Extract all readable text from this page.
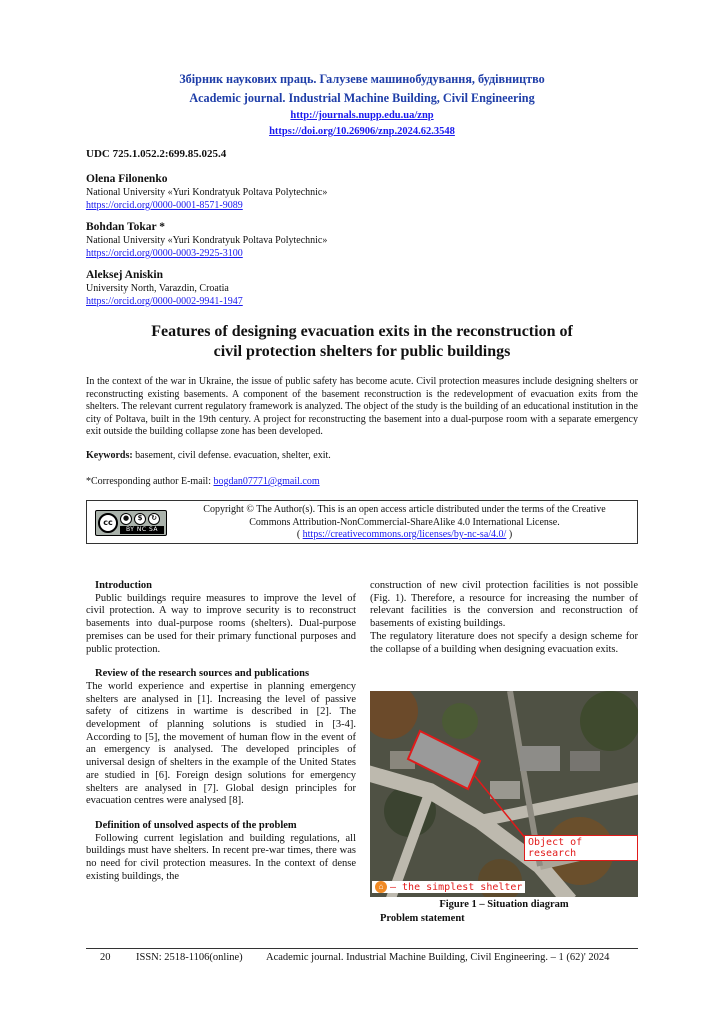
Збірник наукових праць. Галузеве машинобудування, будівництво
Academic journal. Industrial Machine Building, Civil Engineering
http://journals.nupp.edu.ua/znp
https://doi.org/10.26906/znp.2024.62.3548
UDC 725.1.052.2:699.85.025.4
Olena Filonenko
National University «Yuri Kondratyuk Poltava Polytechnic»
https://orcid.org/0000-0001-8571-9089
Bohdan Tokar *
National University «Yuri Kondratyuk Poltava Polytechnic»
https://orcid.org/0000-0003-2925-3100
Aleksej Aniskin
University North, Varazdin, Croatia
https://orcid.org/0000-0002-9941-1947
Features of designing evacuation exits in the reconstruction of
civil protection shelters for public buildings
In the context of the war in Ukraine, the issue of public safety has become acute. Civil protection measures include designing shelters or reconstructing existing basements. A component of the basement reconstruction is the redevelopment of evacuation exits from the shelters. The relevant current regulatory framework is analyzed. The object of the study is the building of an educational institution in the city of Poltava, built in the 19th century. A project for reconstructing the basement into a dual-purpose room with a separate emergency exit outside the building collapse zone has been developed.
Keywords: basement, civil defense. evacuation, shelter, exit.
*Corresponding author E-mail: bogdan07771@gmail.com
cc	●	$	↻
BY NC SA
Copyright © The Author(s). This is an open access article distributed under the terms of the Creative
Commons Attribution-NonCommercial-ShareAlike 4.0 International License.
( https://creativecommons.org/licenses/by-nc-sa/4.0/ )
Introduction
Public buildings require measures to improve the level of civil protection. A way to improve security is to reconstruct basements into dual-purpose rooms (shelters). Dual-purpose premises can be used for their primary functional purposes and public protection.
Review of the research sources and publications
The world experience and expertise in planning emergency shelters are analysed in [1]. Increasing the level of passive safety of citizens in wartime is described in [2]. The development of planning solutions is studied in [3-4]. According to [5], the movement of human flow in the event of an emergency is analysed. The developed principles of universal design of shelters in the example of the United States are studied in [6]. Foreign design solutions for emergency shelters are analysed in [7]. Global design principles for evacuation centres were analysed [8].
Definition of unsolved aspects of the problem
Following current legislation and building regulations, all buildings must have shelters. In recent pre-war times, there was no need for civil protection measures. In the context of dense existing buildings, the
construction of new civil protection facilities is not possible (Fig. 1). Therefore, a resource for increasing the number of relevant facilities is the conversion and reconstruction of basements of existing buildings.
The regulatory literature does not specify a design scheme for the collapse of a building when designing evacuation exits.
Object of research
⌂ – the simplest shelter
Figure 1 – Situation diagram
Problem statement
20	ISSN: 2518-1106(online)	Academic journal. Industrial Machine Building, Civil Engineering. – 1 (62)' 2024
